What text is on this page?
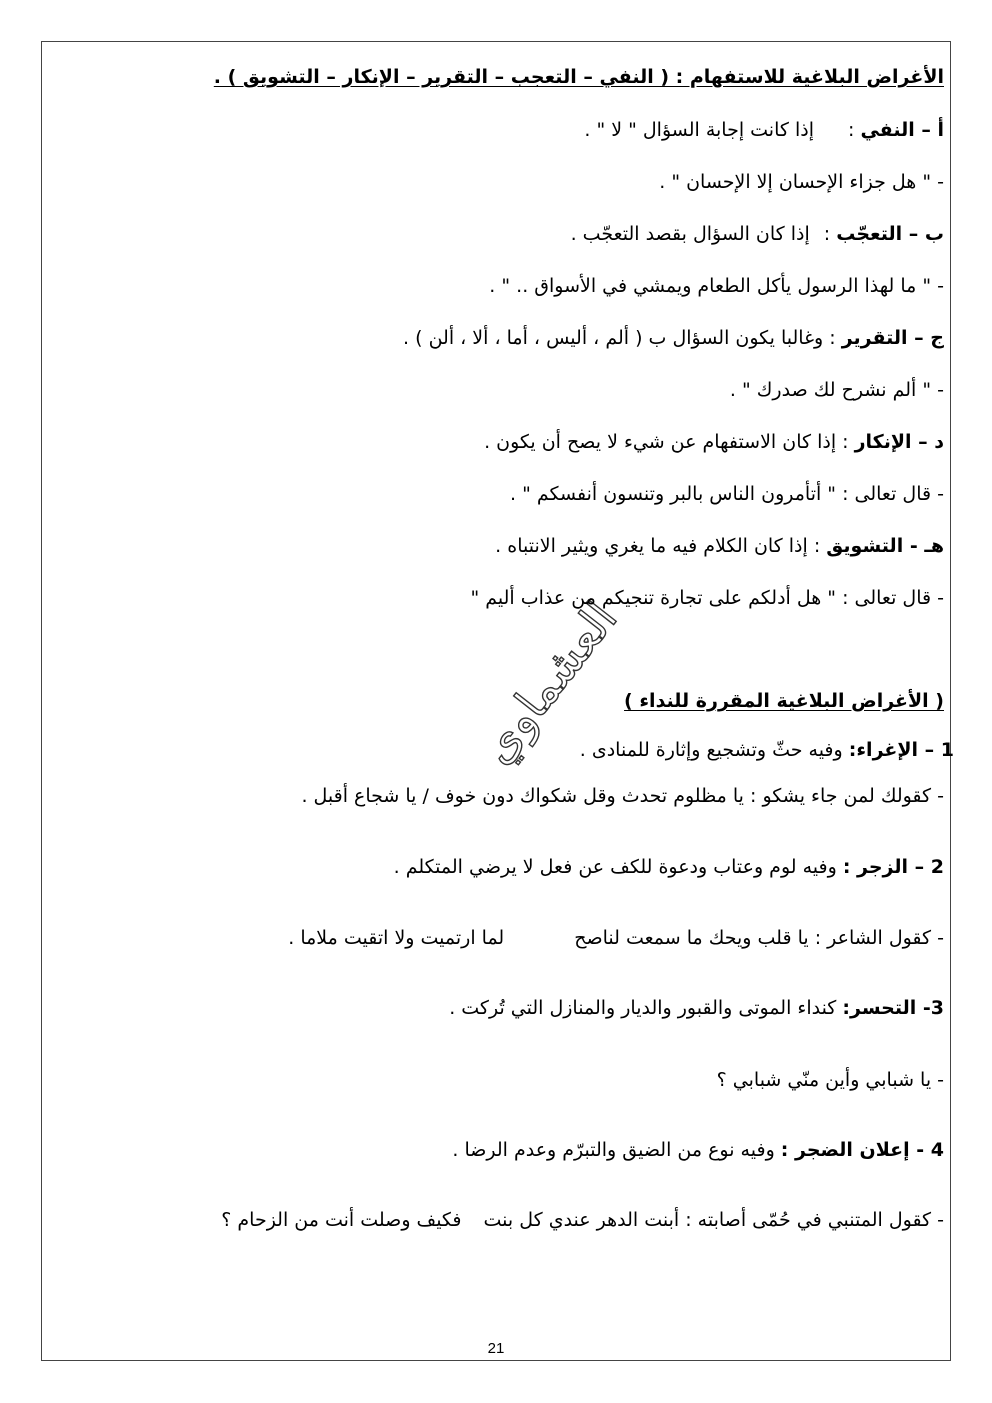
العشماوي
الأغراض البلاغية للاستفهام : ( النفي – التعجب – التقرير – الإنكار – التشويق ) .
أ – النفي :إذا كانت إجابة السؤال " لا " .
- " هل جزاء الإحسان إلا الإحسان " .
ب – التعجّب :إذا كان السؤال بقصد التعجّب .
- " ما لهذا الرسول يأكل الطعام ويمشي في الأسواق .. " .
ج – التقرير : وغالبا يكون السؤال ب ( ألم ، أليس ، أما ، ألا ، ألن ) .
- " ألم نشرح لك صدرك " .
د – الإنكار : إذا كان الاستفهام عن شيء لا يصح أن يكون .
- قال تعالى : " أتأمرون الناس بالبر وتنسون أنفسكم " .
هـ - التشويق : إذا كان الكلام فيه ما يغري ويثير الانتباه .
- قال تعالى : " هل أدلكم على تجارة تنجيكم من عذاب أليم "
( الأغراض البلاغية المقررة للنداء )
1 – الإغراء: وفيه حثّ وتشجيع وإثارة للمنادى .
- كقولك لمن جاء يشكو : يا مظلوم تحدث وقل شكواك دون خوف / يا شجاع أقبل .
2 – الزجر : وفيه لوم وعتاب ودعوة للكف عن فعل لا يرضي المتكلم .
- كقول الشاعر : يا قلب ويحك ما سمعت لناصحلما ارتميت ولا اتقيت ملاما .
3- التحسر: كنداء الموتى والقبور والديار والمنازل التي تُركت .
- يا شبابي وأين منّي شبابي ؟
4 - إعلان الضجر : وفيه نوع من الضيق والتبرّم وعدم الرضا .
- كقول المتنبي في حُمّى أصابته : أبنت الدهر عندي كل بنتفكيف وصلت أنت من الزحام ؟
21
